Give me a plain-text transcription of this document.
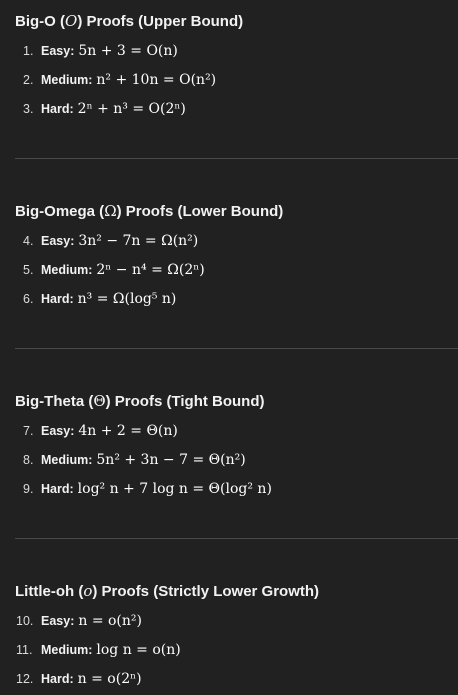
Big-O (O) Proofs (Upper Bound)
1. Easy: 5n + 3 = O(n)
2. Medium: n² + 10n = O(n²)
3. Hard: 2ⁿ + n³ = O(2ⁿ)
Big-Omega (Ω) Proofs (Lower Bound)
4. Easy: 3n² − 7n = Ω(n²)
5. Medium: 2ⁿ − n⁴ = Ω(2ⁿ)
6. Hard: n³ = Ω(log⁵ n)
Big-Theta (Θ) Proofs (Tight Bound)
7. Easy: 4n + 2 = Θ(n)
8. Medium: 5n² + 3n − 7 = Θ(n²)
9. Hard: log² n + 7 log n = Θ(log² n)
Little-oh (o) Proofs (Strictly Lower Growth)
10. Easy: n = o(n²)
11. Medium: log n = o(n)
12. Hard: n = o(2ⁿ)
